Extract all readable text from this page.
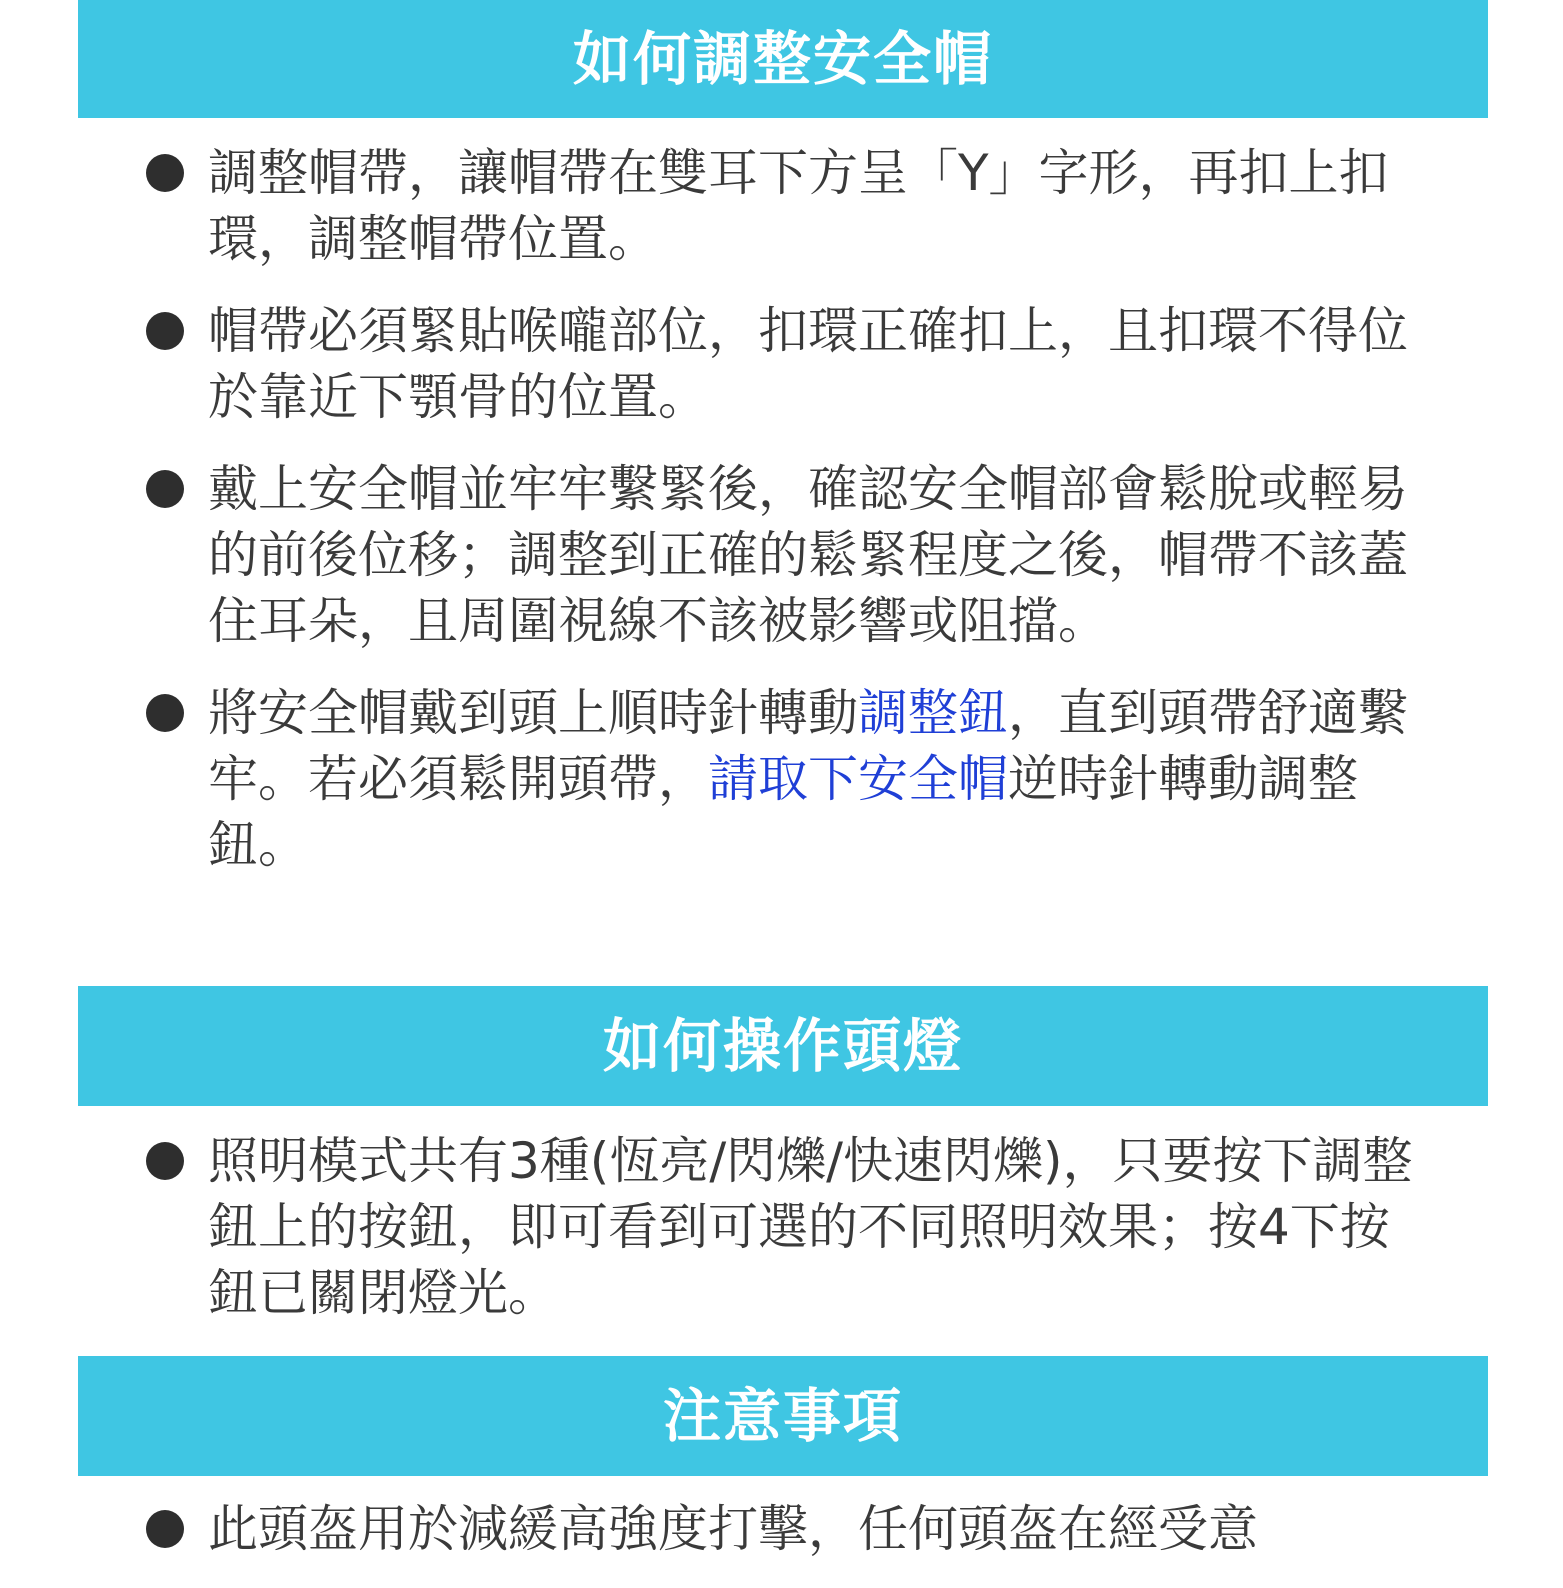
如何調整安全帽
調整帽帶，讓帽帶在雙耳下方呈「Y」字形，再扣上扣環，調整帽帶位置。
帽帶必須緊貼喉嚨部位，扣環正確扣上，且扣環不得位於靠近下顎骨的位置。
戴上安全帽並牢牢繫緊後，確認安全帽部會鬆脫或輕易的前後位移；調整到正確的鬆緊程度之後，帽帶不該蓋住耳朵，且周圍視線不該被影響或阻擋。
將安全帽戴到頭上順時針轉動調整鈕，直到頭帶舒適繫牢。若必須鬆開頭帶，請取下安全帽逆時針轉動調整鈕。
如何操作頭燈
照明模式共有3種(恆亮/閃爍/快速閃爍)，只要按下調整鈕上的按鈕，即可看到可選的不同照明效果；按4下按鈕已關閉燈光。
注意事項
此頭盔用於減緩高強度打擊，任何頭盔在經受意
